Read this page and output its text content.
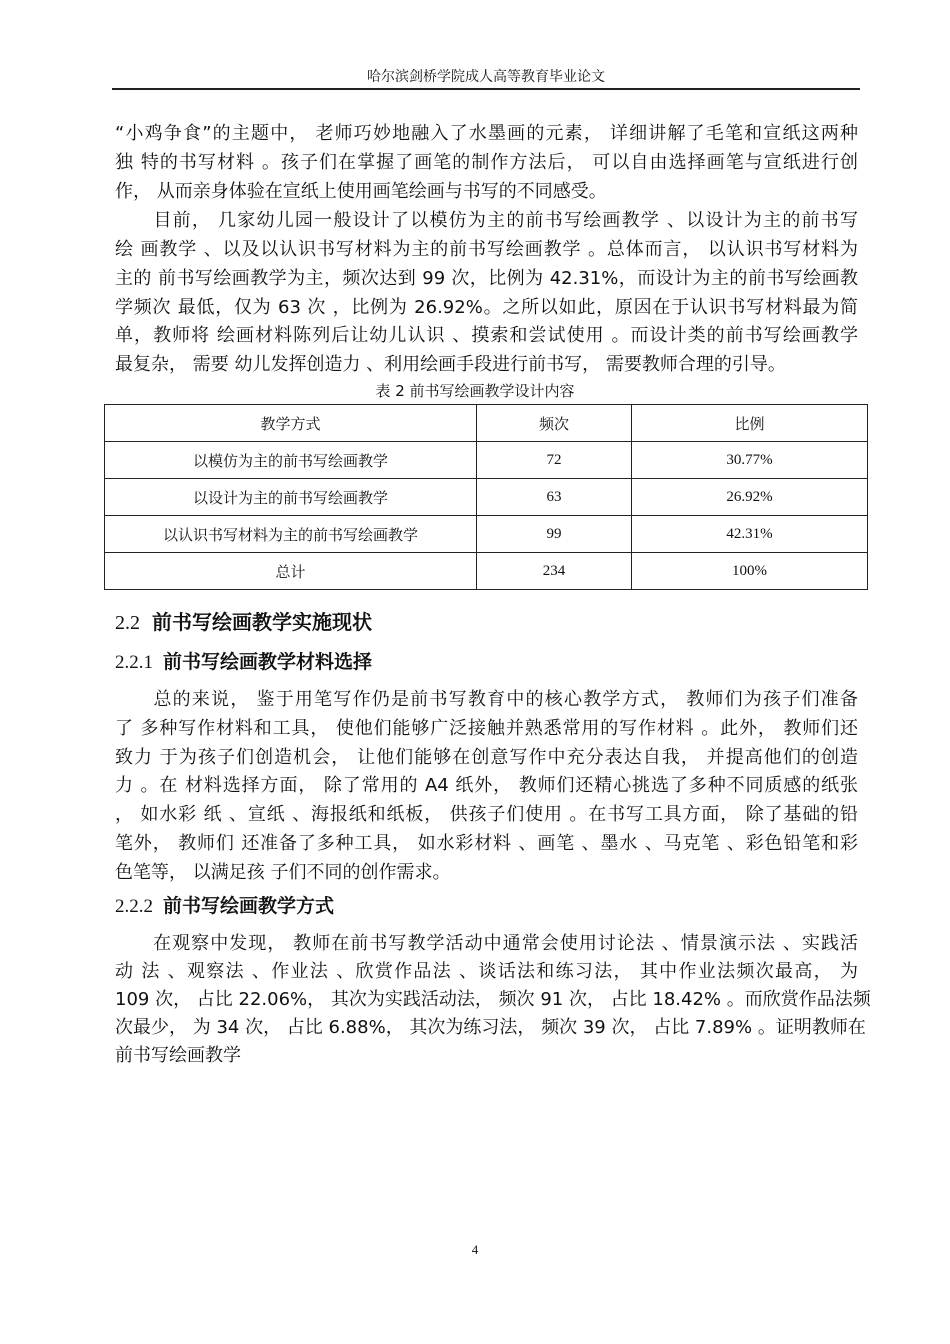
哈尔滨剑桥学院成人高等教育毕业论文
“小鸡争食”的主题中， 老师巧妙地融入了水墨画的元素， 详细讲解了毛笔和宣纸这两种
独 特的书写材料 。孩子们在掌握了画笔的制作方法后， 可以自由选择画笔与宣纸进行创
作， 从而亲身体验在宣纸上使用画笔绘画与书写的不同感受。
　　目前， 几家幼儿园一般设计了以模仿为主的前书写绘画教学 、以设计为主的前书写
绘 画教学 、以及以认识书写材料为主的前书写绘画教学 。总体而言， 以认识书写材料为
主的 前书写绘画教学为主，频次达到 99 次，比例为 42.31%，而设计为主的前书写绘画教
学频次 最低，仅为 63 次 ，比例为 26.92%。之所以如此，原因在于认识书写材料最为简
单，教师将 绘画材料陈列后让幼儿认识 、摸索和尝试使用 。而设计类的前书写绘画教学
最复杂， 需要 幼儿发挥创造力 、利用绘画手段进行前书写， 需要教师合理的引导。
表 2 前书写绘画教学设计内容
教学方式	频次	比例
以模仿为主的前书写绘画教学	72	30.77%
以设计为主的前书写绘画教学	63	26.92%
以认识书写材料为主的前书写绘画教学	99	42.31%
总计	234	100%
2.2 前书写绘画教学实施现状
2.2.1 前书写绘画教学材料选择
　　总的来说， 鉴于用笔写作仍是前书写教育中的核心教学方式， 教师们为孩子们准备
了 多种写作材料和工具， 使他们能够广泛接触并熟悉常用的写作材料 。此外， 教师们还
致力 于为孩子们创造机会， 让他们能够在创意写作中充分表达自我， 并提高他们的创造
力 。在 材料选择方面， 除了常用的 A4 纸外， 教师们还精心挑选了多种不同质感的纸张
， 如水彩 纸 、宣纸 、海报纸和纸板， 供孩子们使用 。在书写工具方面， 除了基础的铅
笔外， 教师们 还准备了多种工具， 如水彩材料 、画笔 、墨水 、马克笔 、彩色铅笔和彩
色笔等， 以满足孩 子们不同的创作需求。
2.2.2 前书写绘画教学方式
　　在观察中发现， 教师在前书写教学活动中通常会使用讨论法 、情景演示法 、实践活
动 法 、观察法 、作业法 、欣赏作品法 、谈话法和练习法， 其中作业法频次最高， 为
109 次， 占比 22.06%， 其次为实践活动法， 频次 91 次， 占比 18.42% 。而欣赏作品法频
次最少， 为 34 次， 占比 6.88%， 其次为练习法， 频次 39 次， 占比 7.89% 。证明教师在
前书写绘画教学
4
